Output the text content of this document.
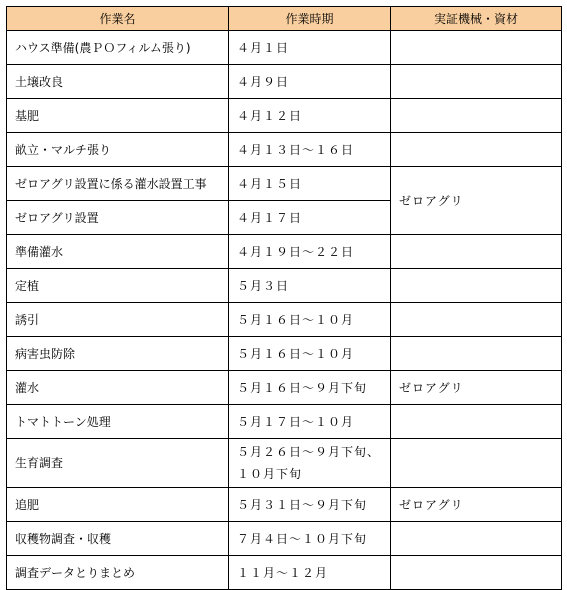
作業名	作業時期	実証機械・資材
ハウス準備(農ＰＯフィルム張り)	４月１日	
土壌改良	４月９日	
基肥	４月１２日	
畝立・マルチ張り	４月１３日～１６日	
ゼロアグリ設置に係る灌水設置工事	４月１５日	ゼロアグリ
ゼロアグリ設置	４月１７日	
準備灌水	４月１９日～２２日	
定植	５月３日	
誘引	５月１６日～１０月	
病害虫防除	５月１６日～１０月	
灌水	５月１６日～９月下旬	ゼロアグリ
トマトトーン処理	５月１７日～１０月	
生育調査	５月２６日～９月下旬、
１０月下旬	
追肥	５月３１日～９月下旬	ゼロアグリ
収穫物調査・収穫	７月４日～１０月下旬	
調査データとりまとめ	１１月～１２月	
